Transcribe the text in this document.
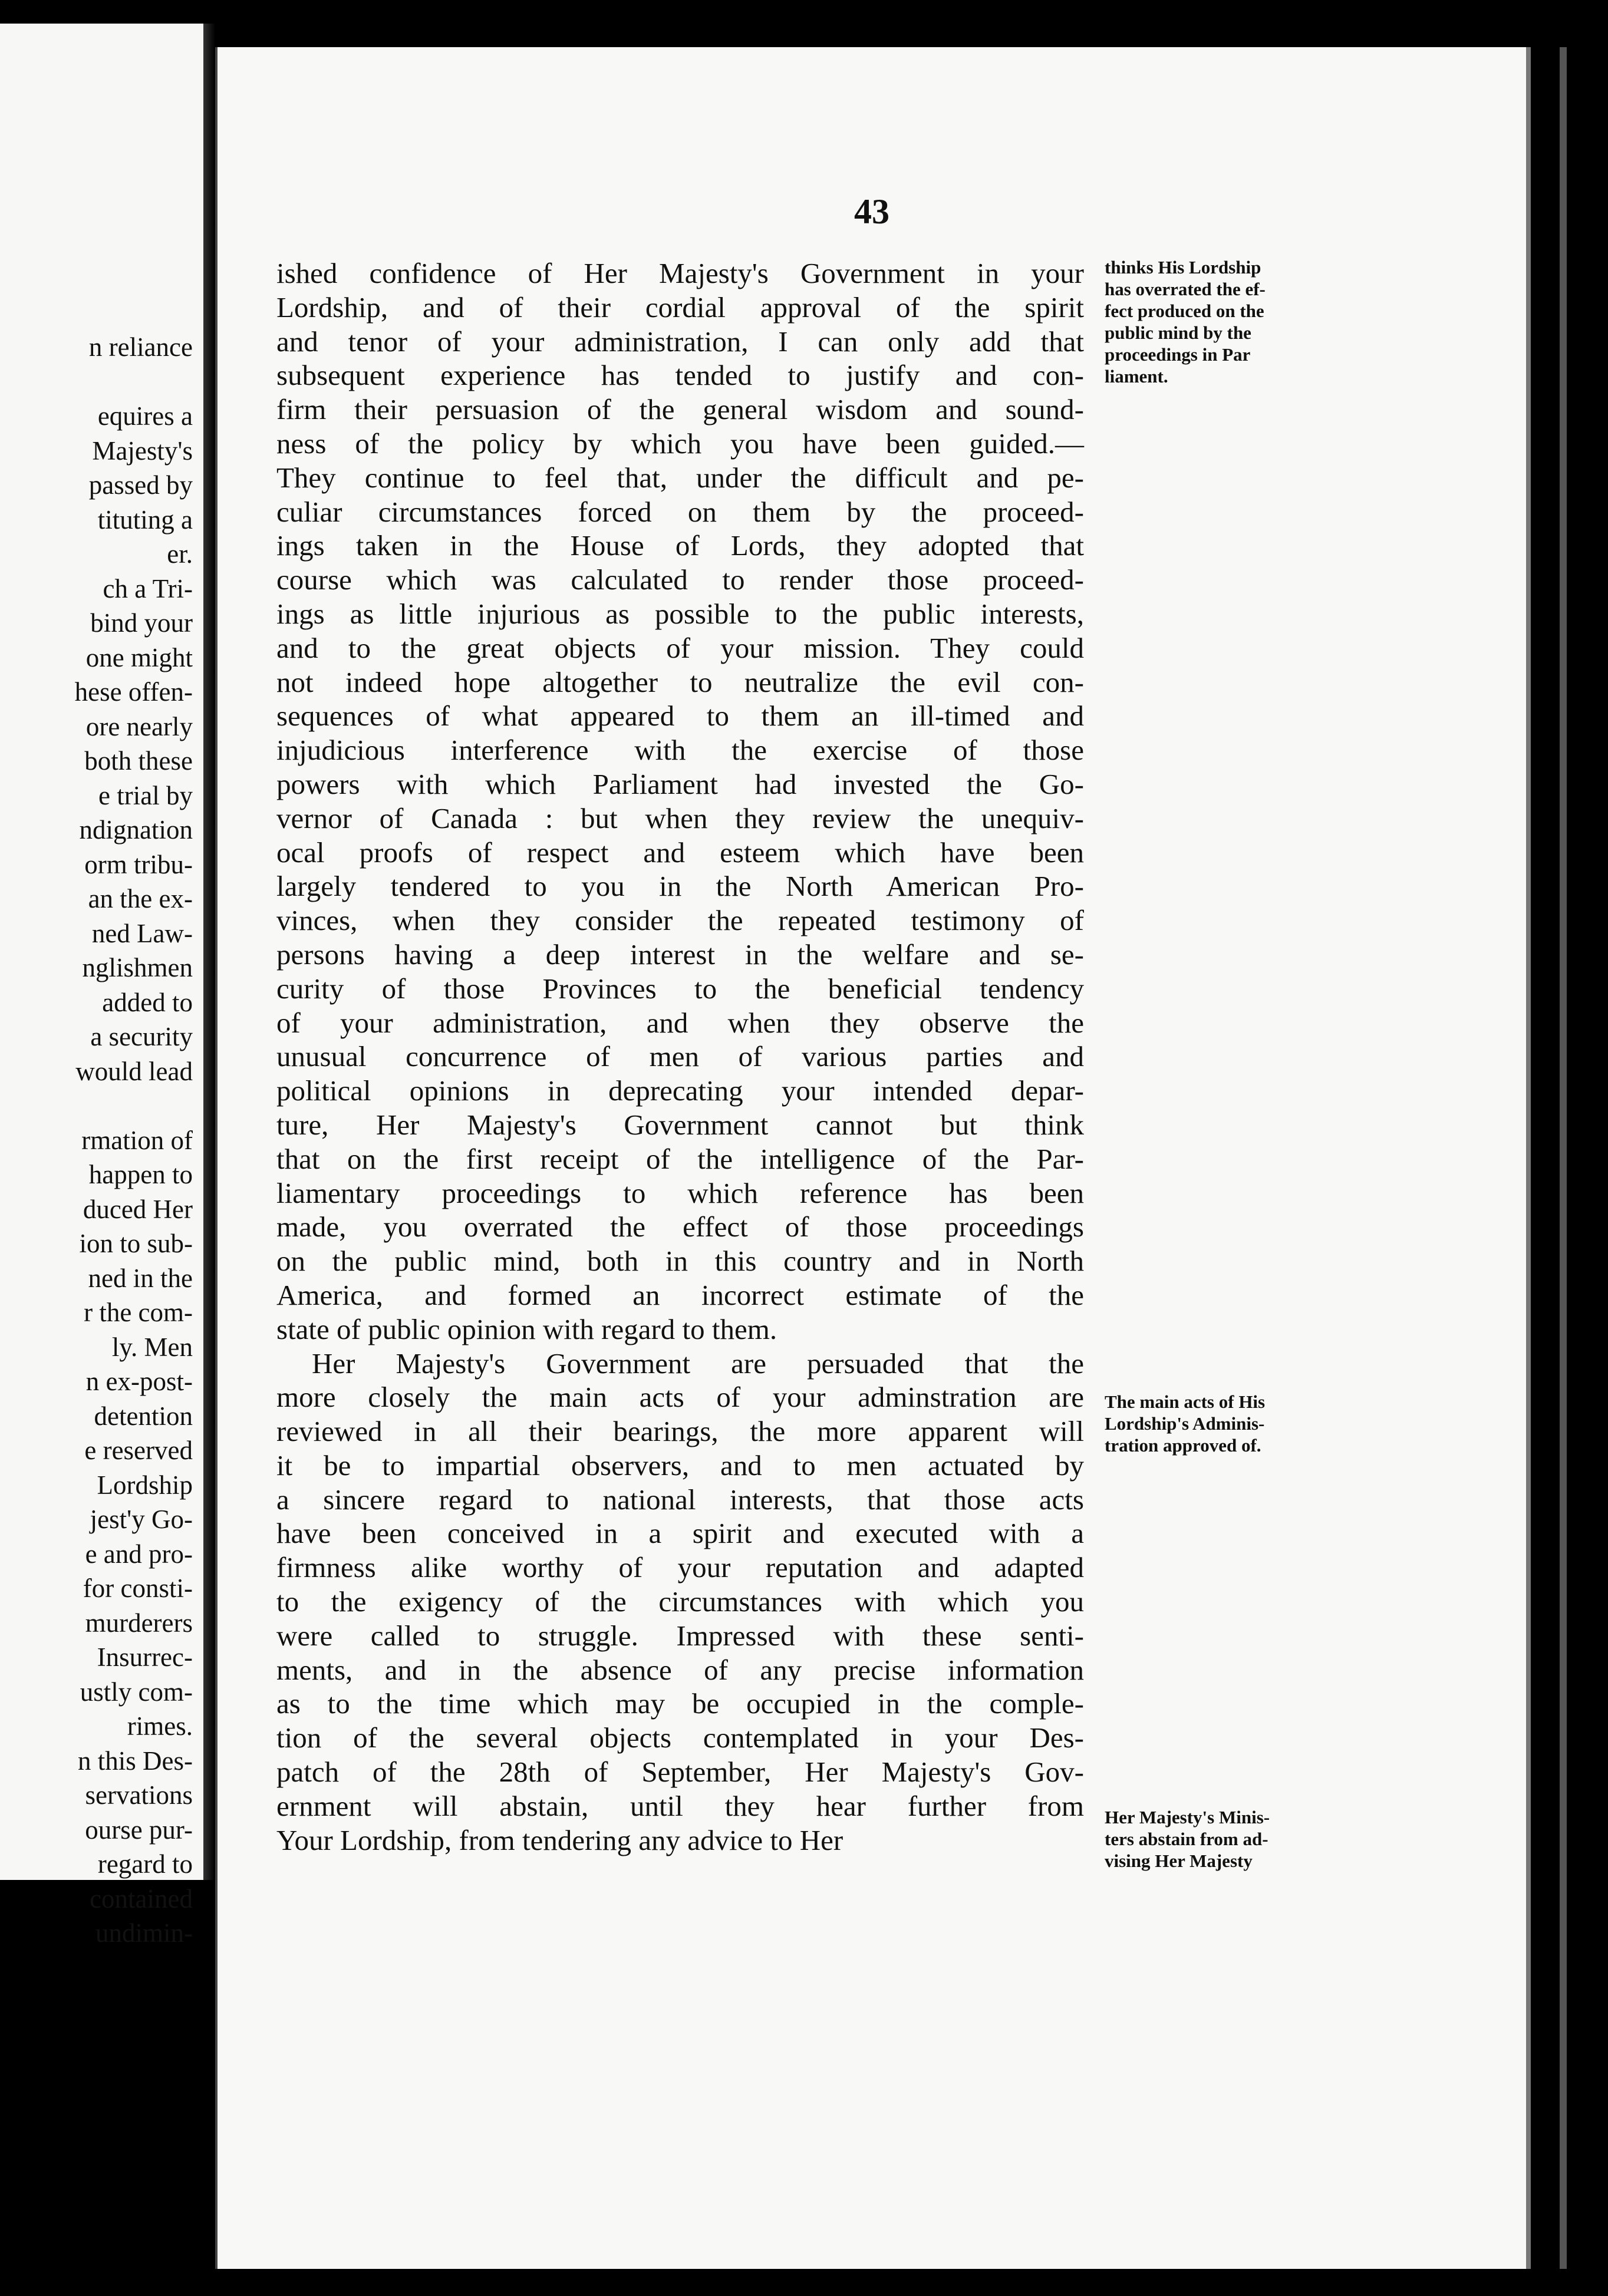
n reliance
equires a
Majesty's
passed by
tituting a
er.
ch a Tri-
bind your
one might
hese offen-
ore nearly
both these
e trial by
ndignation
orm tribu-
an the ex-
ned Law-
nglishmen
added to
a security
would lead
rmation of
happen to
duced Her
ion to sub-
ned in the
r the com-
ly. Men
n ex-post-
detention
e reserved
Lordship
jest'y Go-
e and pro-
for consti-
murderers
Insurrec-
ustly com-
rimes.
n this Des-
servations
ourse pur-
regard to
contained
undimin-
43
ished confidence of Her Majesty's Government in your
Lordship, and of their cordial approval of the spirit
and tenor of your administration, I can only add that
subsequent experience has tended to justify and con-
firm their persuasion of the general wisdom and sound-
ness of the policy by which you have been guided.—
They continue to feel that, under the difficult and pe-
culiar circumstances forced on them by the proceed-
ings taken in the House of Lords, they adopted that
course which was calculated to render those proceed-
ings as little injurious as possible to the public interests,
and to the great objects of your mission. They could
not indeed hope altogether to neutralize the evil con-
sequences of what appeared to them an ill-timed and
injudicious interference with the exercise of those
powers with which Parliament had invested the Go-
vernor of Canada : but when they review the unequiv-
ocal proofs of respect and esteem which have been
largely tendered to you in the North American Pro-
vinces, when they consider the repeated testimony of
persons having a deep interest in the welfare and se-
curity of those Provinces to the beneficial tendency
of your administration, and when they observe the
unusual concurrence of men of various parties and
political opinions in deprecating your intended depar-
ture, Her Majesty's Government cannot but think
that on the first receipt of the intelligence of the Par-
liamentary proceedings to which reference has been
made, you overrated the effect of those proceedings
on the public mind, both in this country and in North
America, and formed an incorrect estimate of the
state of public opinion with regard to them.
Her Majesty's Government are persuaded that the
more closely the main acts of your adminstration are
reviewed in all their bearings, the more apparent will
it be to impartial observers, and to men actuated by
a sincere regard to national interests, that those acts
have been conceived in a spirit and executed with a
firmness alike worthy of your reputation and adapted
to the exigency of the circumstances with which you
were called to struggle. Impressed with these senti-
ments, and in the absence of any precise information
as to the time which may be occupied in the comple-
tion of the several objects contemplated in your Des-
patch of the 28th of September, Her Majesty's Gov-
ernment will abstain, until they hear further from
Your Lordship, from tendering any advice to Her
thinks His Lordship
has overrated the ef-
fect produced on the
public mind by the
proceedings in Par
liament.
The main acts of His
Lordship's Adminis-
tration approved of.
Her Majesty's Minis-
ters abstain from ad-
vising Her Majesty
